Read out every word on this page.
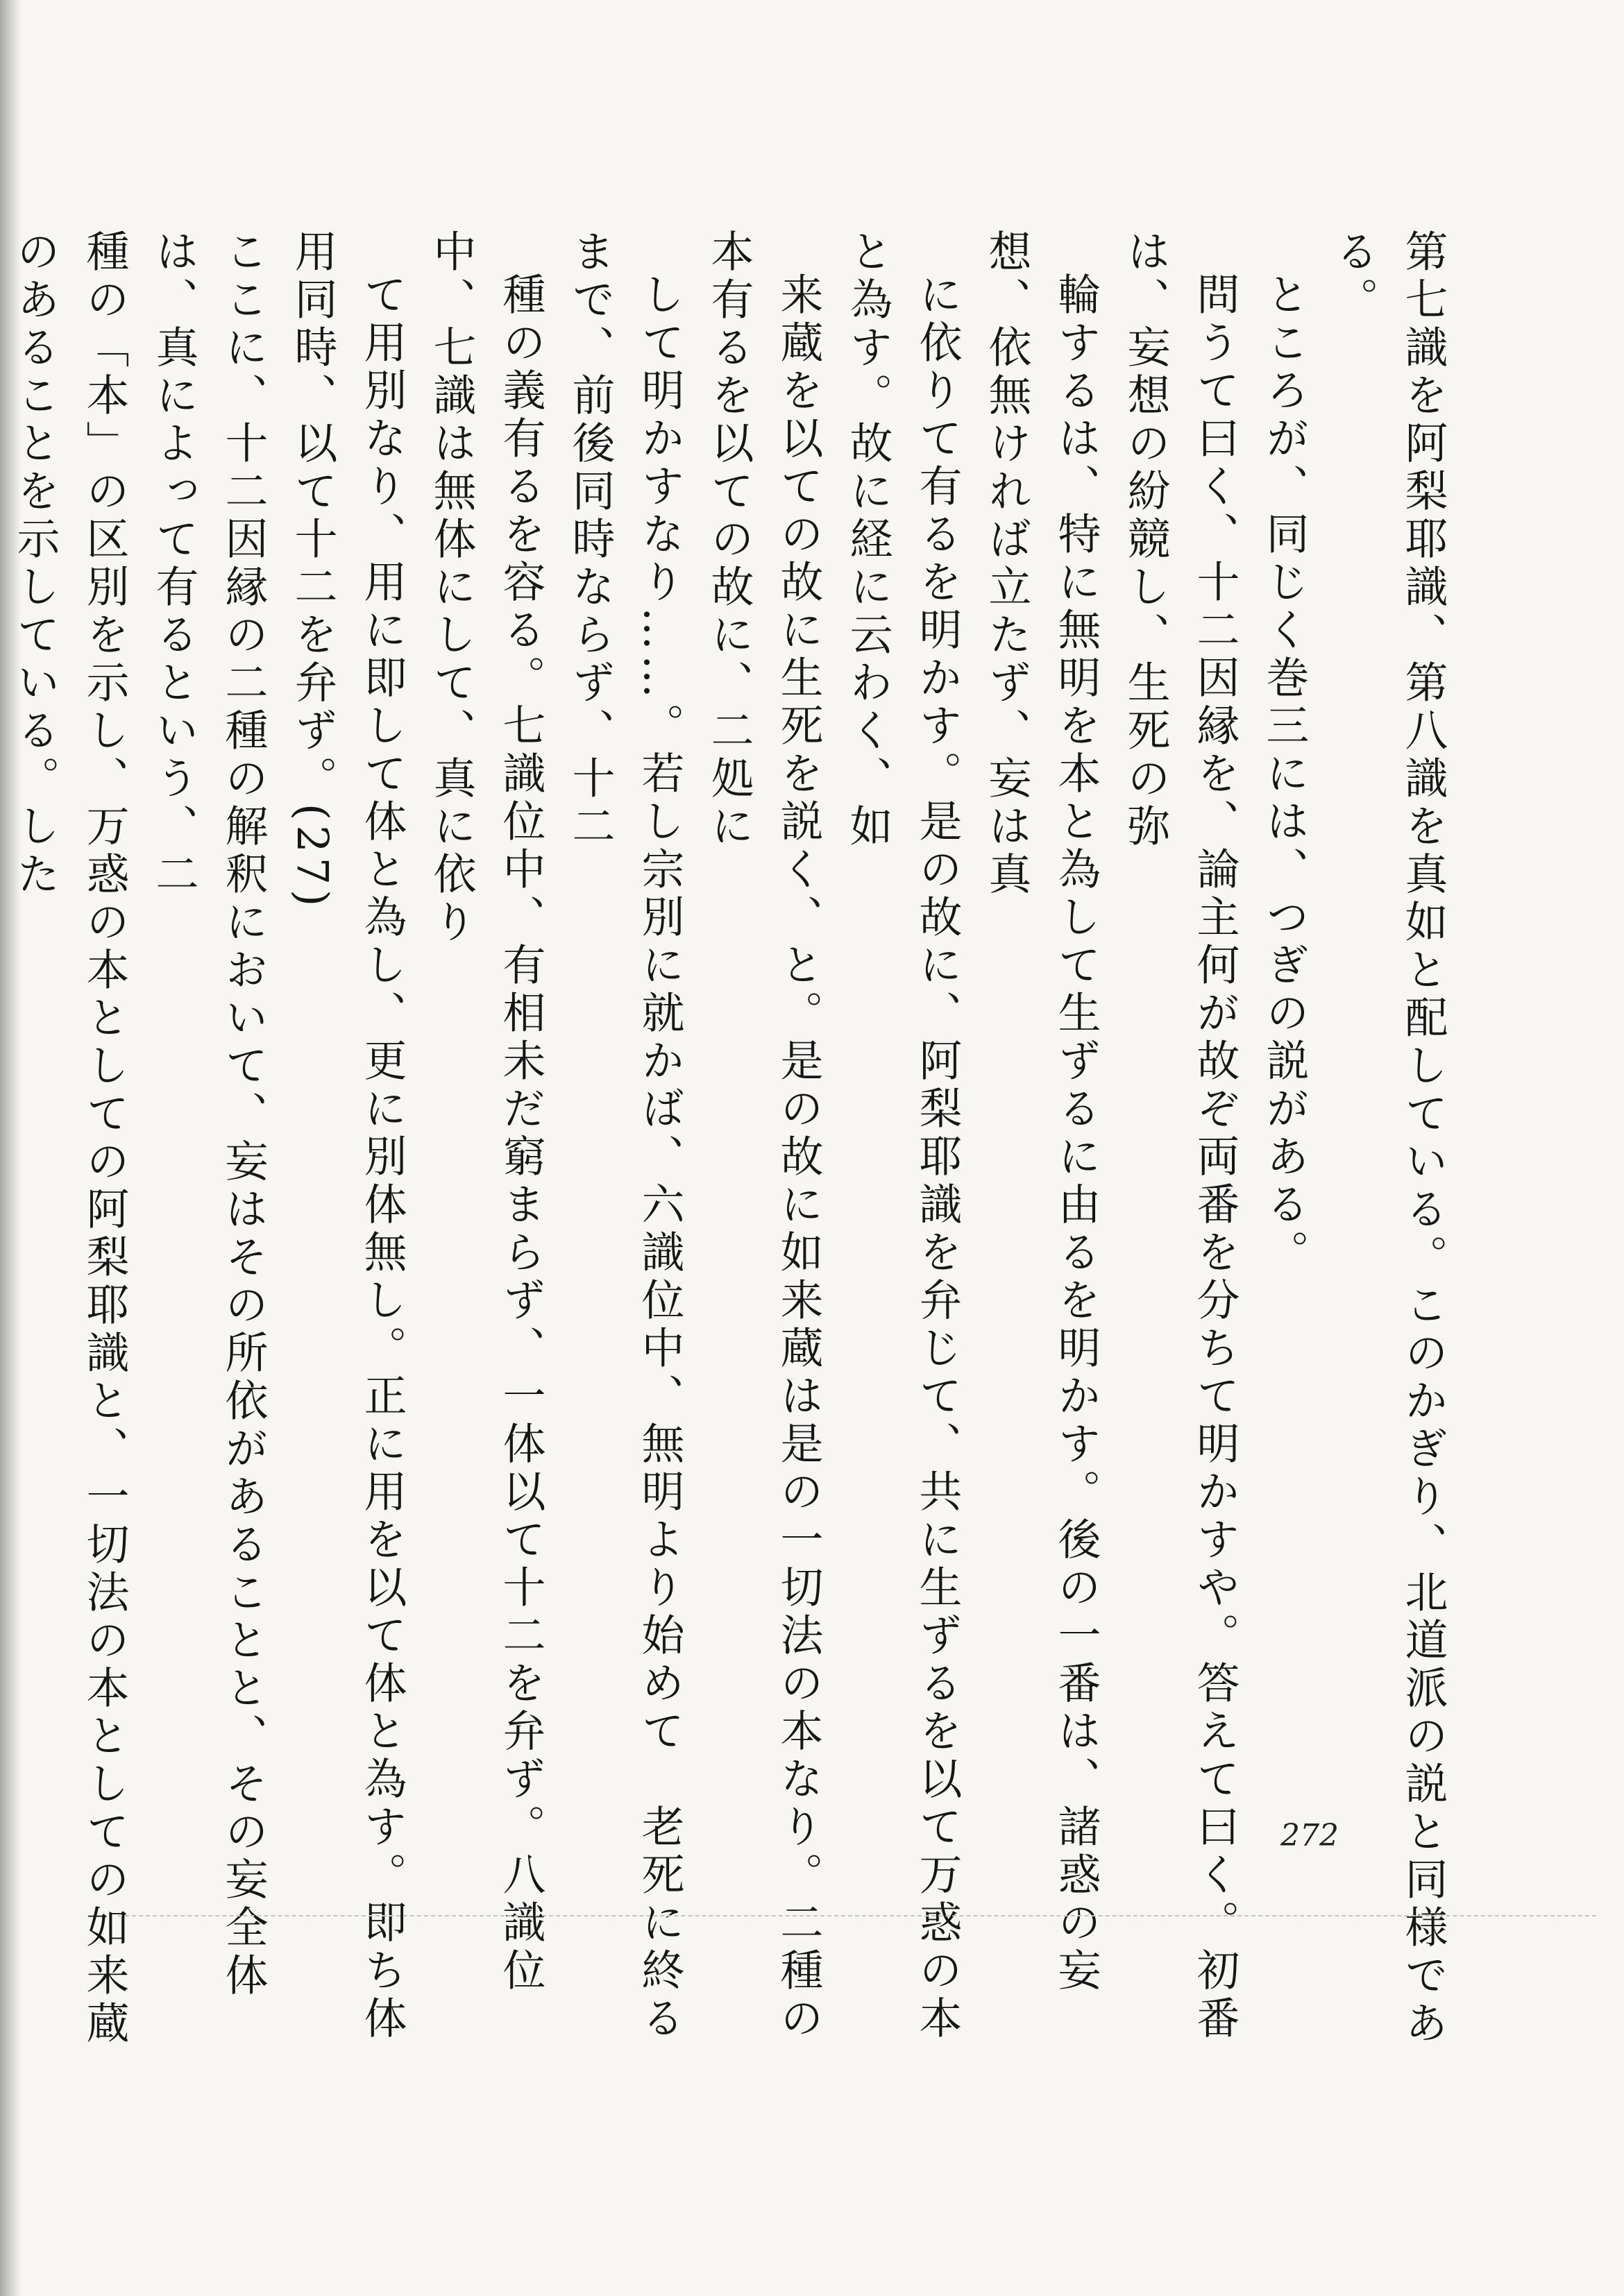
第七識を阿梨耶識、第八識を真如と配している。このかぎり、北道派の説と同様である。

ところが、同じく巻三には、つぎの説がある。

問うて曰く、十二因縁を、論主何が故ぞ両番を分ちて明かすや。答えて曰く。初番は、妄想の紛競し、生死の弥

輪するは、特に無明を本と為して生ずるに由るを明かす。後の一番は、諸惑の妄想、依無ければ立たず、妄は真

に依りて有るを明かす。是の故に、阿梨耶識を弁じて、共に生ずるを以て万惑の本と為す。故に経に云わく、如

来蔵を以ての故に生死を説く、と。是の故に如来蔵は是の一切法の本なり。二種の本有るを以ての故に、二処に

して明かすなり……。若し宗別に就かば、六識位中、無明より始めて　老死に終るまで、前後同時ならず、十二

種の義有るを容る。七識位中、有相未だ窮まらず、一体以て十二を弁ず。八識位中、七識は無体にして、真に依り

て用別なり、用に即して体と為し、更に別体無し。正に用を以て体と為す。即ち体用同時、以て十二を弁ず。(27)

ここに、十二因縁の二種の解釈において、妄はその所依があることと、その妄全体は、真によって有るという、二

種の「本」の区別を示し、万惑の本としての阿梨耶識と、一切法の本としての如来蔵のあることを示している。した

272
